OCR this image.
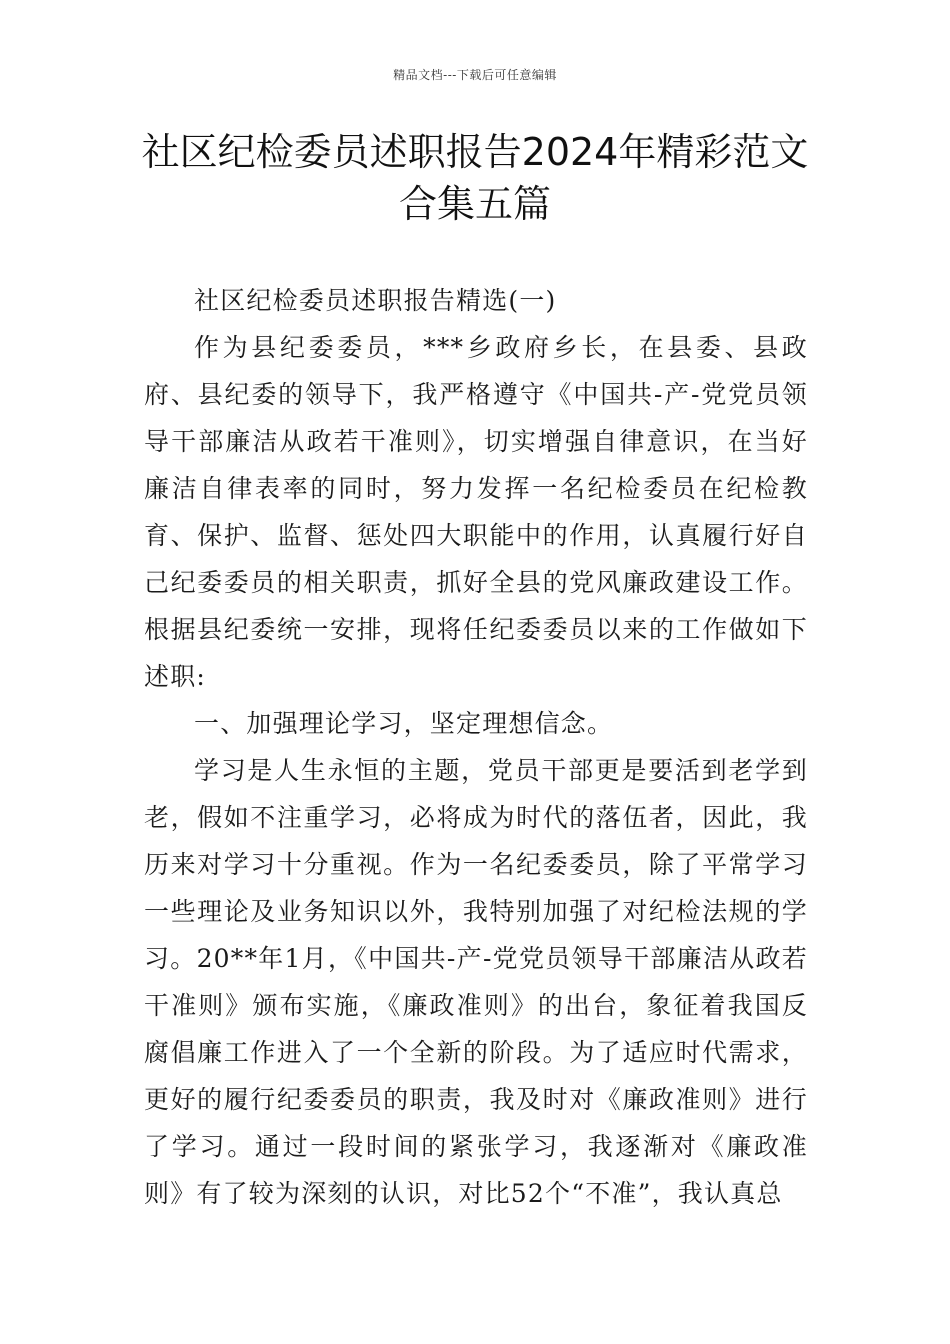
精品文档---下载后可任意编辑
社区纪检委员述职报告2024年精彩范文合集五篇

社区纪检委员述职报告精选(一)

作为县纪委委员，***乡政府乡长，在县委、县政府、县纪委的领导下，我严格遵守《中国共-产-党党员领导干部廉洁从政若干准则》，切实增强自律意识，在当好廉洁自律表率的同时，努力发挥一名纪检委员在纪检教育、保护、监督、惩处四大职能中的作用，认真履行好自己纪委委员的相关职责，抓好全县的党风廉政建设工作。根据县纪委统一安排，现将任纪委委员以来的工作做如下述职:

一、加强理论学习，坚定理想信念。

学习是人生永恒的主题，党员干部更是要活到老学到老，假如不注重学习，必将成为时代的落伍者，因此，我历来对学习十分重视。作为一名纪委委员，除了平常学习一些理论及业务知识以外，我特别加强了对纪检法规的学习。20**年1月，《中国共-产-党党员领导干部廉洁从政若干准则》颁布实施，《廉政准则》的出台，象征着我国反腐倡廉工作进入了一个全新的阶段。为了适应时代需求，更好的履行纪委委员的职责，我及时对《廉政准则》进行了学习。通过一段时间的紧张学习，我逐渐对《廉政准则》有了较为深刻的认识，对比52个“不准”，我认真总
